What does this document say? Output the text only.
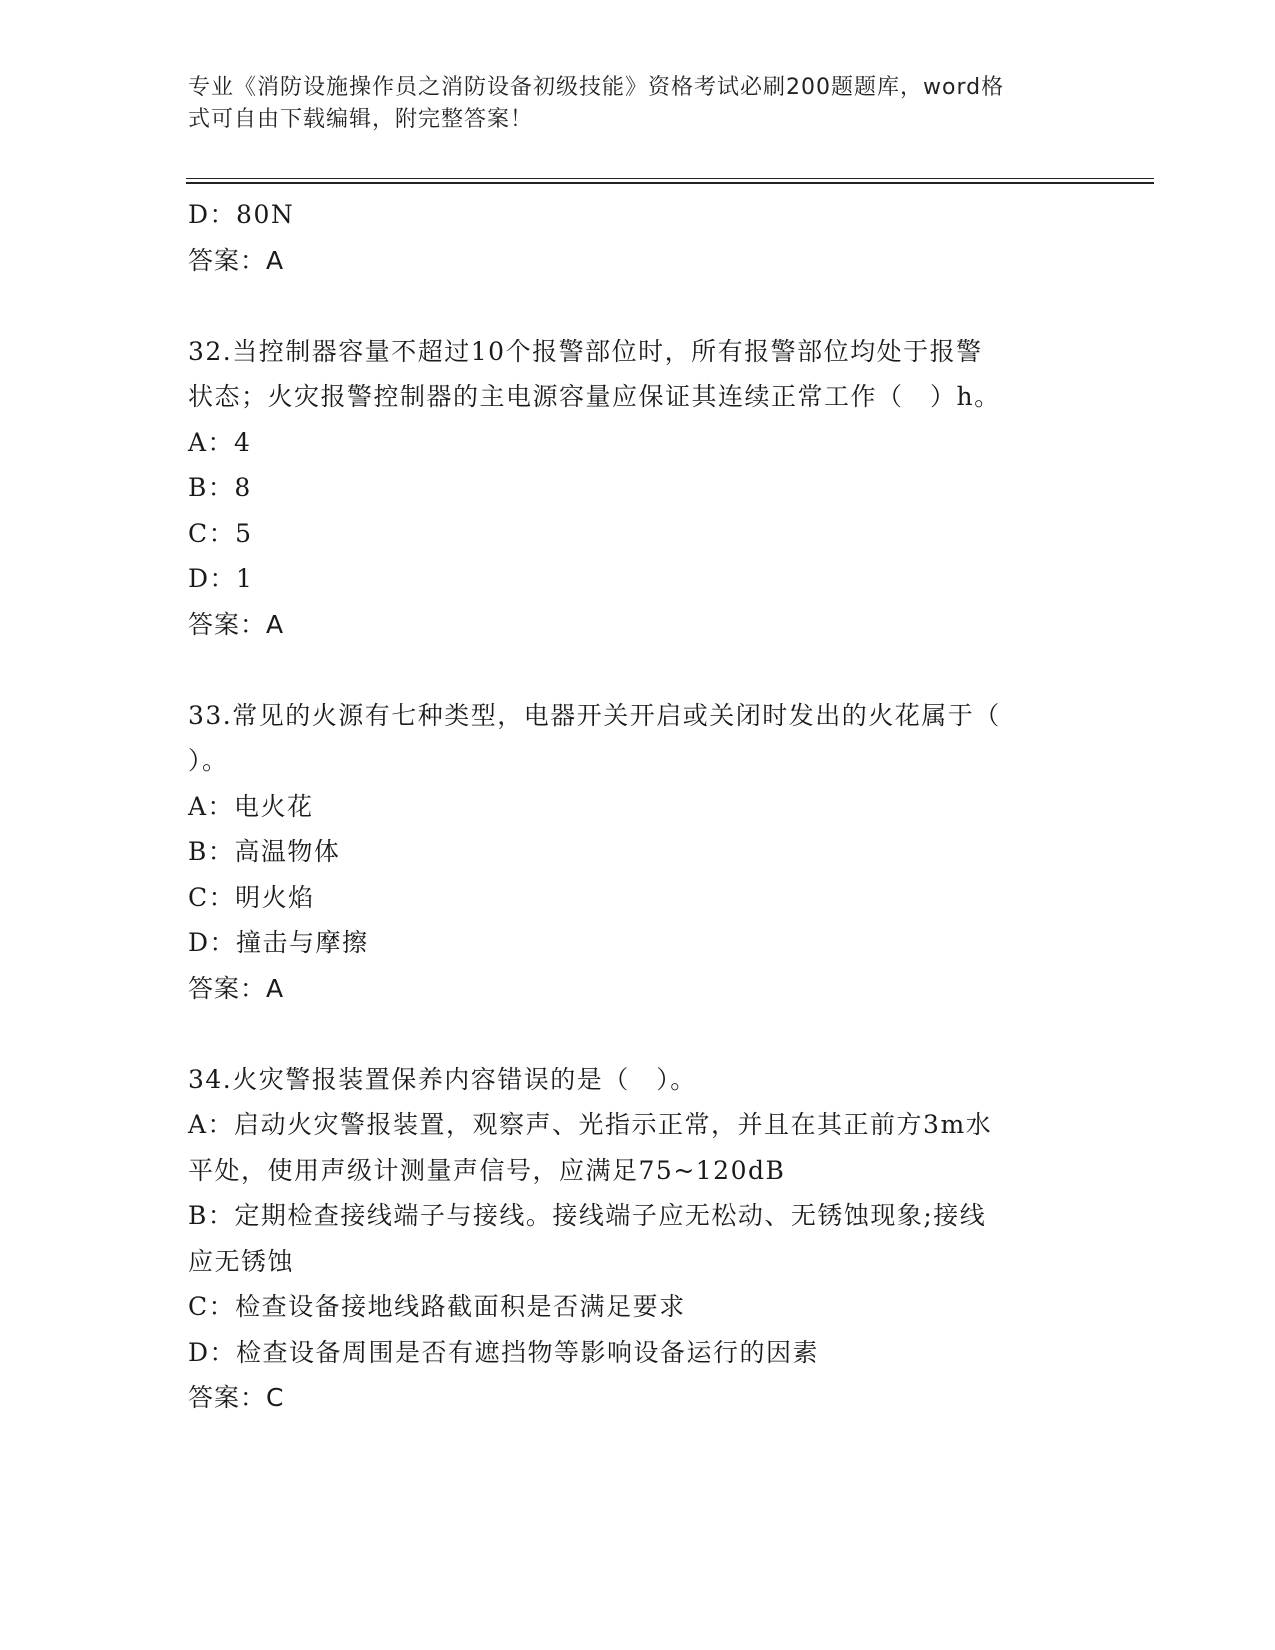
专业《消防设施操作员之消防设备初级技能》资格考试必刷200题题库，word格
式可自由下载编辑，附完整答案！
D：80N
答案：A
32.当控制器容量不超过10个报警部位时，所有报警部位均处于报警
状态；火灾报警控制器的主电源容量应保证其连续正常工作（　）h。
A：4
B：8
C：5
D：1
答案：A
33.常见的火源有七种类型，电器开关开启或关闭时发出的火花属于（
）。
A：电火花
B：高温物体
C：明火焰
D：撞击与摩擦
答案：A
34.火灾警报装置保养内容错误的是（　）。
A：启动火灾警报装置，观察声、光指示正常，并且在其正前方3m水
平处，使用声级计测量声信号，应满足75~120dB
B：定期检查接线端子与接线。接线端子应无松动、无锈蚀现象;接线
应无锈蚀
C：检查设备接地线路截面积是否满足要求
D：检查设备周围是否有遮挡物等影响设备运行的因素
答案：C
